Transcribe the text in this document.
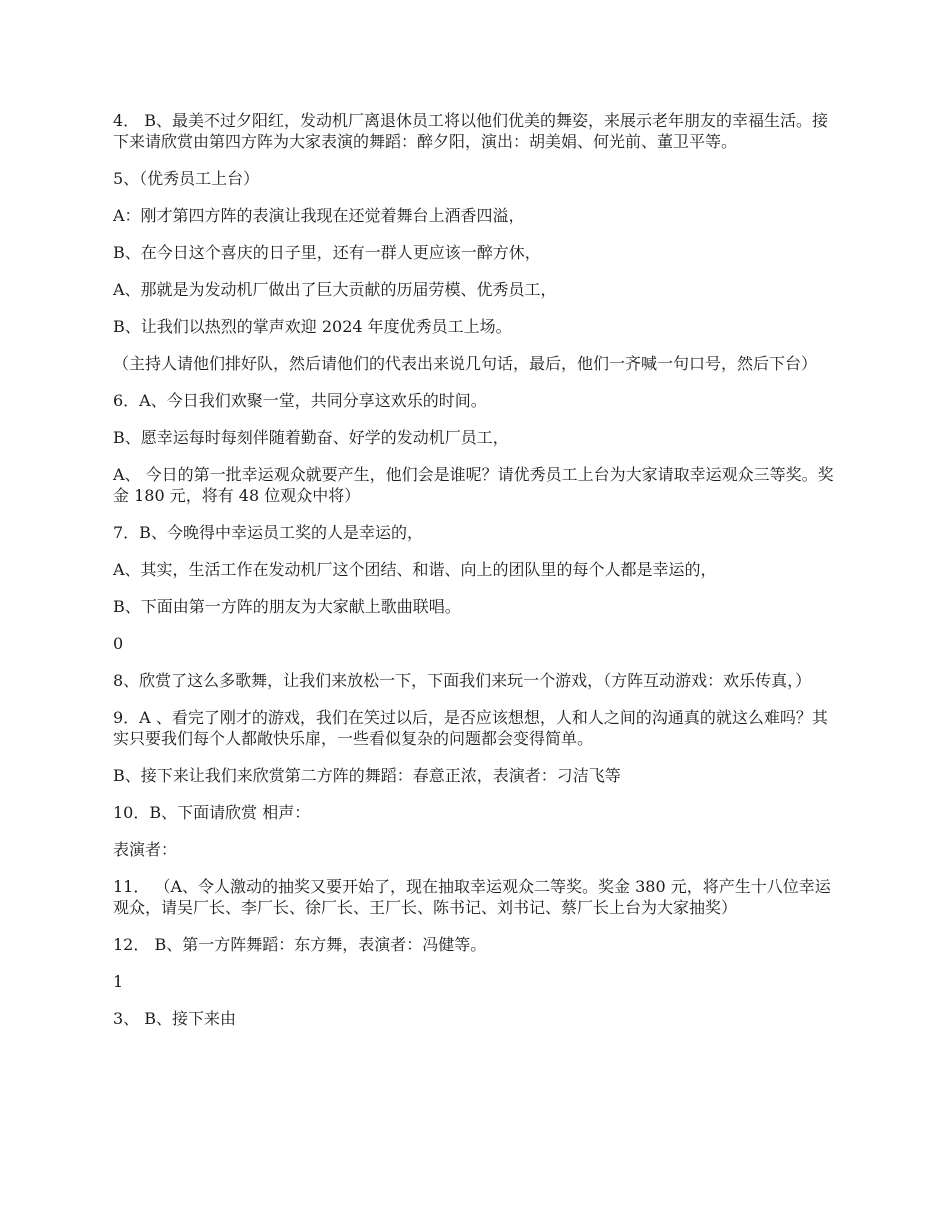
4． B、最美不过夕阳红，发动机厂离退休员工将以他们优美的舞姿，来展示老年朋友的幸福生活。接下来请欣赏由第四方阵为大家表演的舞蹈：醉夕阳，演出：胡美娟、何光前、董卫平等。

5、（优秀员工上台）

A：刚才第四方阵的表演让我现在还觉着舞台上酒香四溢，

B、在今日这个喜庆的日子里，还有一群人更应该一醉方休，

A、那就是为发动机厂做出了巨大贡献的历届劳模、优秀员工，

B、让我们以热烈的掌声欢迎 2024 年度优秀员工上场。

（主持人请他们排好队，然后请他们的代表出来说几句话，最后，他们一齐喊一句口号，然后下台）

6．A、今日我们欢聚一堂，共同分享这欢乐的时间。

B、愿幸运每时每刻伴随着勤奋、好学的发动机厂员工，

A、 今日的第一批幸运观众就要产生，他们会是谁呢？请优秀员工上台为大家请取幸运观众三等奖。奖金 180 元，将有 48 位观众中将）

7．B、今晚得中幸运员工奖的人是幸运的，

A、其实，生活工作在发动机厂这个团结、和谐、向上的团队里的每个人都是幸运的，

B、下面由第一方阵的朋友为大家献上歌曲联唱。

0

8、欣赏了这么多歌舞，让我们来放松一下，下面我们来玩一个游戏，（方阵互动游戏：欢乐传真，）

9．A 、看完了刚才的游戏，我们在笑过以后，是否应该想想，人和人之间的沟通真的就这么难吗？其实只要我们每个人都敞快乐扉，一些看似复杂的问题都会变得简单。

B、接下来让我们来欣赏第二方阵的舞蹈：春意正浓，表演者：刁洁飞等

10．B、下面请欣赏 相声：

表演者：

11． （A、令人激动的抽奖又要开始了，现在抽取幸运观众二等奖。奖金 380 元，将产生十八位幸运观众，请吴厂长、李厂长、徐厂长、王厂长、陈书记、刘书记、蔡厂长上台为大家抽奖）

12． B、第一方阵舞蹈：东方舞，表演者：冯健等。

1

3、 B、接下来由
